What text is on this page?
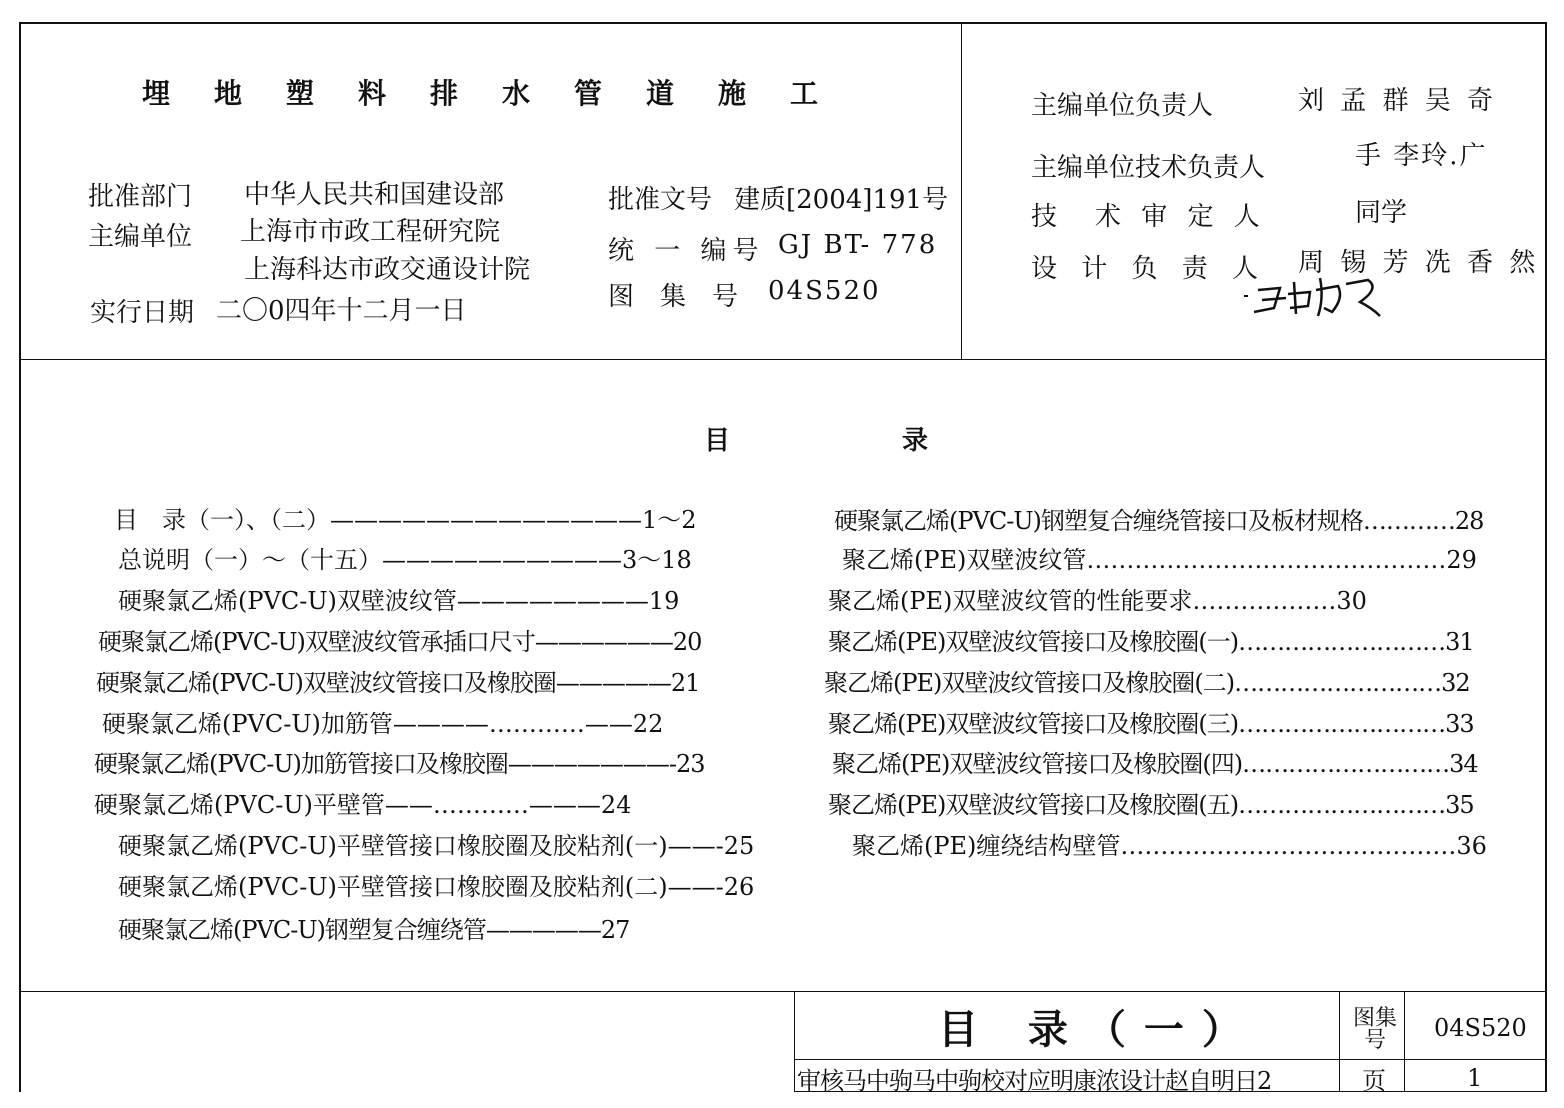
埋地塑料排水管道施工
批准部门 中华人民共和国建设部
主编单位 上海市市政工程研究院
上海科达市政交通设计院
实行日期 二〇0四年十二月一日
批准文号 建质[2004]191号
统 一 编号 GJ BT- 778
图　集　号 04S520
主编单位负责人	刘 孟 群 吴 奇
主编单位技术负责人	手 李玲.广
技　术 审 定 人	同学
设 计 负 责 人 周 锡 芳 冼 香 然
目	录
目　录（一）、（二）—————————————1～2
总说明（一）～（十五）——————————3～18
硬聚氯乙烯(PVC-U)双壁波纹管————————19
硬聚氯乙烯(PVC-U)双壁波纹管承插口尺寸——————20
硬聚氯乙烯(PVC-U)双壁波纹管接口及橡胶圈—————21
硬聚氯乙烯(PVC-U)加筋管————…………——22
硬聚氯乙烯(PVC-U)加筋管接口及橡胶圈———————-23
硬聚氯乙烯(PVC-U)平壁管——…………———24
硬聚氯乙烯(PVC-U)平壁管接口橡胶圈及胶粘剂(一)——-25
硬聚氯乙烯(PVC-U)平壁管接口橡胶圈及胶粘剂(二)——-26
硬聚氯乙烯(PVC-U)钢塑复合缠绕管—————27
硬聚氯乙烯(PVC-U)钢塑复合缠绕管接口及板材规格…………28
聚乙烯(PE)双壁波纹管………………………………………29
聚乙烯(PE)双壁波纹管的性能要求………………30
聚乙烯(PE)双壁波纹管接口及橡胶圈(一)………………………31
聚乙烯(PE)双壁波纹管接口及橡胶圈(二)………………………32
聚乙烯(PE)双壁波纹管接口及橡胶圈(三)………………………33
聚乙烯(PE)双壁波纹管接口及橡胶圈(四)………………………34
聚乙烯(PE)双壁波纹管接口及橡胶圈(五)………………………35
聚乙烯(PE)缠绕结构壁管……………………………………36
目 录（一）	图集号	04S520
审核马中驹马中驹校对应明康浓设计赵自明日2	页	1
